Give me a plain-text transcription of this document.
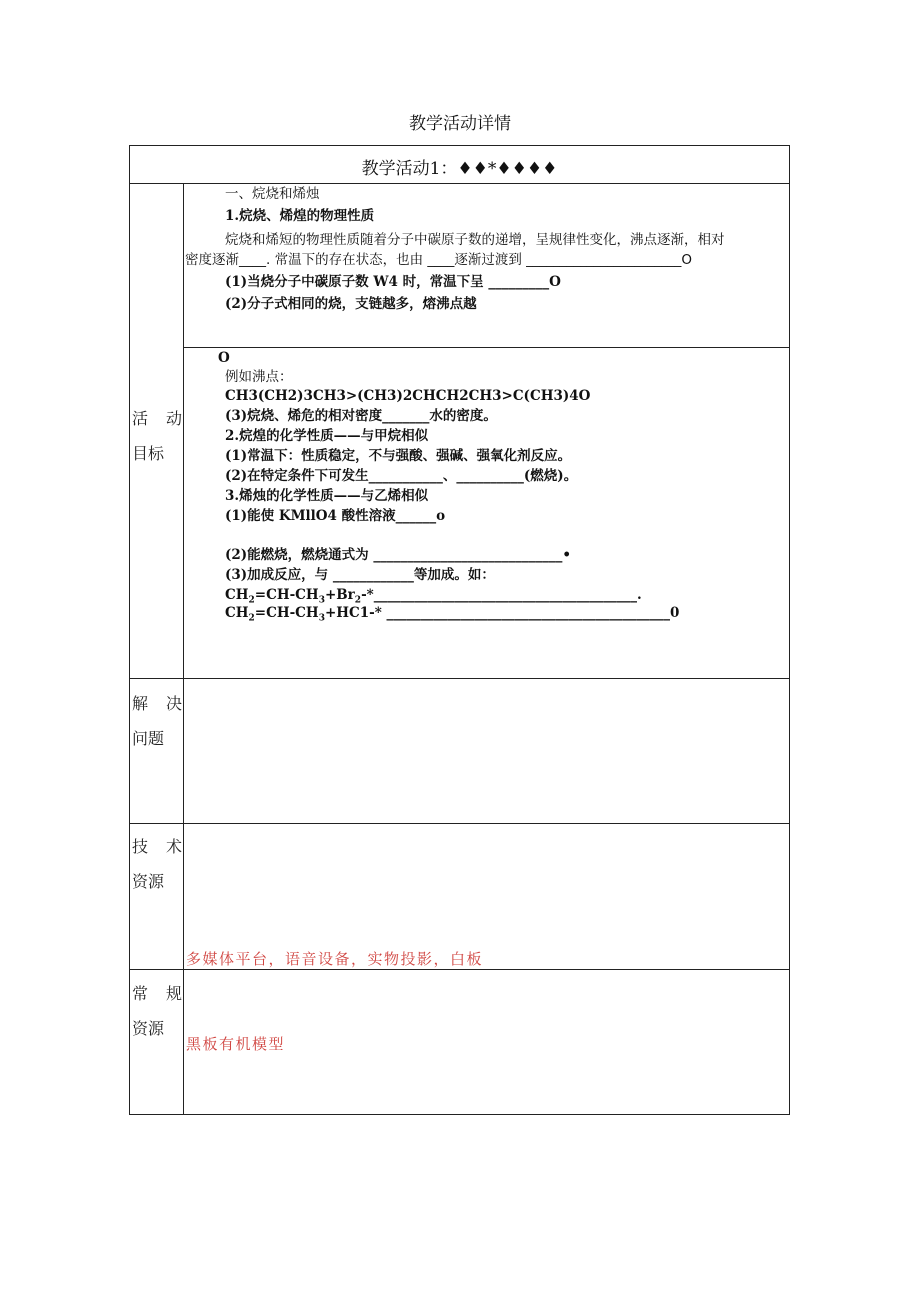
教学活动详情
教学活动1：♦♦*♦♦♦♦
活 动
目标
一、烷烧和烯烛
1.烷烧、烯煌的物理性质
烷烧和烯短的物理性质随着分子中碳原子数的递增，呈规律性变化，沸点逐渐，相对
密度逐渐____. 常温下的存在状态，也由 ____逐渐过渡到 _______________________O
(1)当烧分子中碳原子数 W4 时，常温下呈 _________O
(2)分子式相同的烧，支链越多，熔沸点越
O
例如沸点：
CH3(CH2)3CH3>(CH3)2CHCH2CH3>C(CH3)4O
(3)烷烧、烯危的相对密度_______水的密度。
2.烷煌的化学性质——与甲烷相似
(1)常温下：性质稳定，不与强酸、强碱、强氧化剂反应。
(2)在特定条件下可发生___________、__________(燃烧)。
3.烯烛的化学性质——与乙烯相似
(1)能使 KMllO4 酸性溶液______o
(2)能燃烧，燃烧通式为 ____________________________•
(3)加成反应，与 ____________等加成。如：
$CH_2=CH-CH_3+Br_2-*\_\_\_\_\_\_\_\_\_\_\_\_\_\_\_\_\_\_\_\_\_\_\_\_\_\_\_\_\_\_\_\_\_\_\_\_\_\_\_$.
$CH_2=CH-CH_3+HC1-*$ __________________________________________0
解 决
问题
技 术
资源
多媒体平台，语音设备，实物投影，白板
常 规
资源
黑板有机模型
